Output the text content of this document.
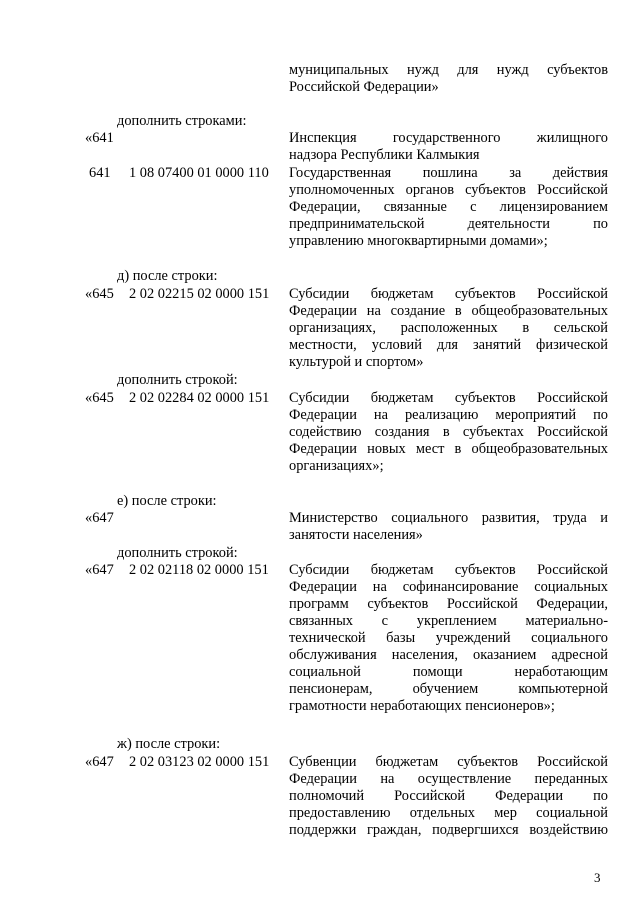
муниципальных нужд для нужд субъектов
Российской Федерации»
дополнить строками:
«641	Инспекция государственного жилищного
надзора Республики Калмыкия
641 1 08 07400 01 0000 110 Государственная пошлина за действия
уполномоченных органов субъектов Российской
Федерации, связанные с лицензированием
предпринимательской деятельности по
управлению многоквартирными домами»;
д) после строки:
«645 2 02 02215 02 0000 151 Субсидии бюджетам субъектов Российской
Федерации на создание в общеобразовательных
организациях, расположенных в сельской
местности, условий для занятий физической
культурой и спортом»
дополнить строкой:
«645 2 02 02284 02 0000 151 Субсидии бюджетам субъектов Российской
Федерации на реализацию мероприятий по
содействию создания в субъектах Российской
Федерации новых мест в общеобразовательных
организациях»;
е) после строки:
«647	Министерство социального развития, труда и
занятости населения»
дополнить строкой:
«647 2 02 02118 02 0000 151 Субсидии бюджетам субъектов Российской
Федерации на софинансирование социальных
программ субъектов Российской Федерации,
связанных с укреплением материально-
технической базы учреждений социального
обслуживания населения, оказанием адресной
социальной помощи неработающим
пенсионерам, обучением компьютерной
грамотности неработающих пенсионеров»;
ж) после строки:
«647 2 02 03123 02 0000 151 Субвенции бюджетам субъектов Российской
Федерации на осуществление переданных
полномочий Российской Федерации по
предоставлению отдельных мер социальной
поддержки граждан, подвергшихся воздействию
3
